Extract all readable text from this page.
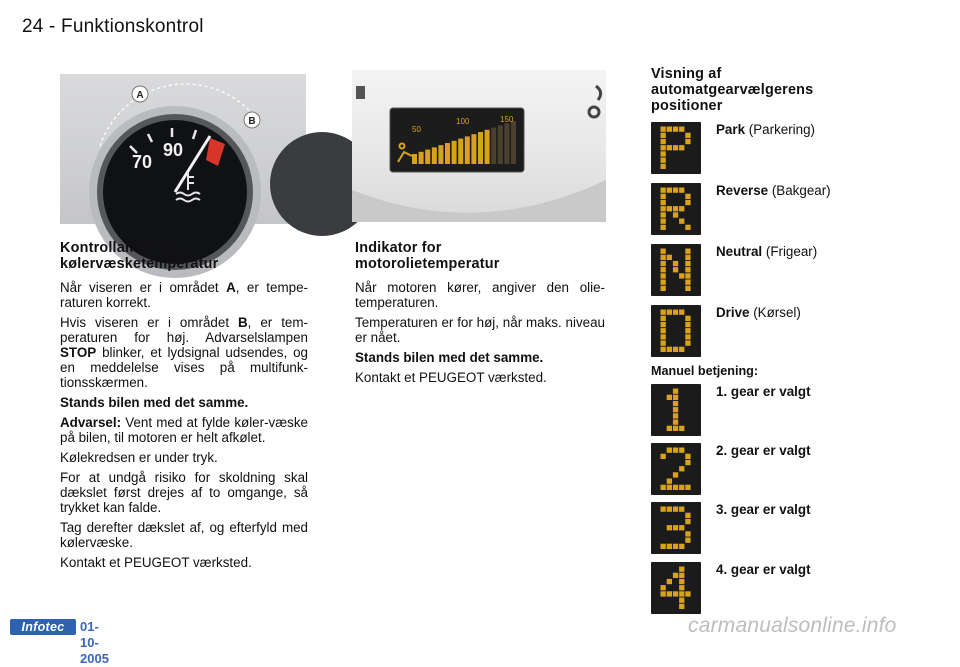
24 - Funktionskontrol
A
B
70
90
50
100	150
Kontrollampe for
kølervæsketemperatur

Når viseren er i området A, er tempe-raturen korrekt.

Hvis viseren er i området B, er tem-peraturen for høj. Advarselslampen STOP blinker, et lydsignal udsendes, og en meddelelse vises på multifunk-tionsskærmen.

Stands bilen med det samme.

Advarsel: Vent med at fylde køler-væske på bilen, til motoren er helt afkølet.

Kølekredsen er under tryk.

For at undgå risiko for skoldning skal dækslet først drejes af to omgange, så trykket kan falde.

Tag derefter dækslet af, og efterfyld med kølervæske.

Kontakt et PEUGEOT værksted.

Indikator for
motorolietemperatur

Når motoren kører, angiver den olie-temperaturen.

Temperaturen er for høj, når maks. niveau er nået.

Stands bilen med det samme.

Kontakt et PEUGEOT værksted.

Visning af
automatgearvælgerens
positioner
Park (Parkering)
Reverse (Bakgear)
Neutral (Frigear)
Drive (Kørsel)
Manuel betjening:
1. gear er valgt
2. gear er valgt
3. gear er valgt
4. gear er valgt
Infotec	01-10-2005
carmanualsonline.info
